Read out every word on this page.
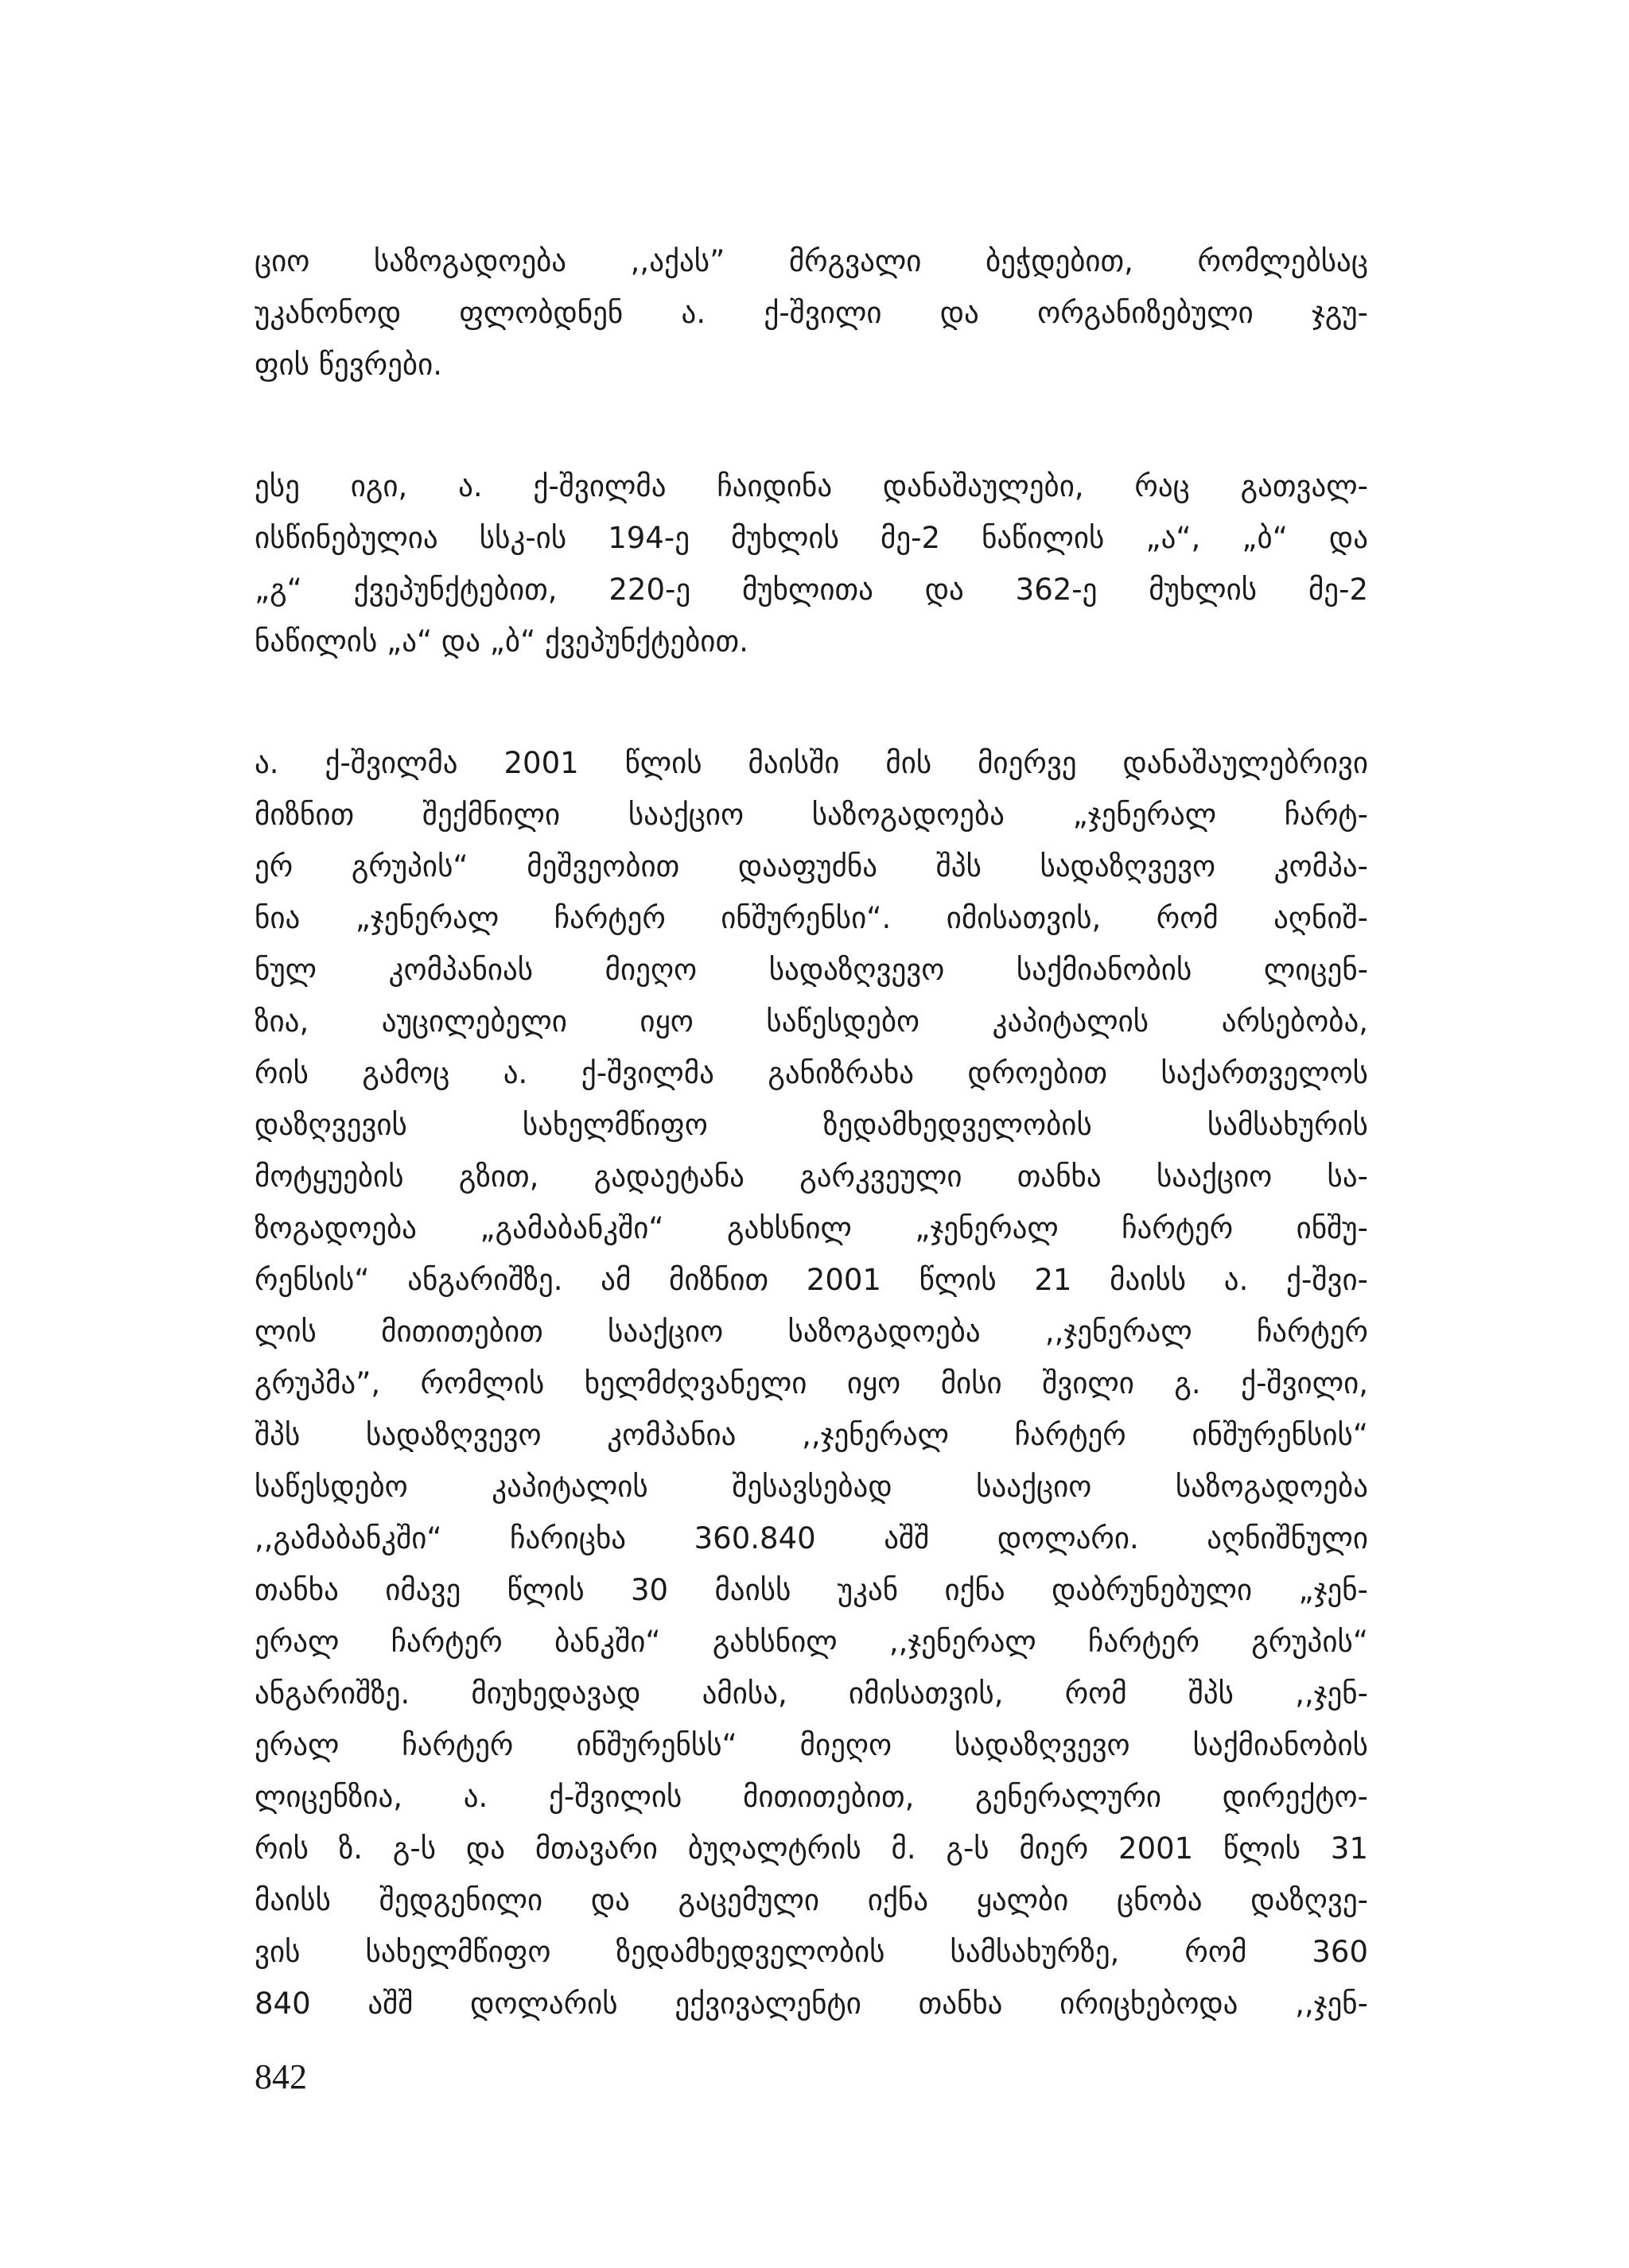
ციო საზოგადოება ,,აქას” მრგვალი ბეჭდებით, რომლებსაც
უკანონოდ ფლობდნენ ა. ქ-შვილი და ორგანიზებული ჯგუ-
ფის წევრები.

ესე იგი, ა. ქ-შვილმა ჩაიდინა დანაშაულები, რაც გათვალ-
ისწინებულია სსკ-ის 194-ე მუხლის მე-2 ნაწილის „ა“, „ბ“ და
„გ“ ქვეპუნქტებით, 220-ე მუხლითა და 362-ე მუხლის მე-2
ნაწილის „ა“ და „ბ“ ქვეპუნქტებით.

ა. ქ-შვილმა 2001 წლის მაისში მის მიერვე დანაშაულებრივი
მიზნით შექმნილი სააქციო საზოგადოება „ჯენერალ ჩარტ-
ერ გრუპის“ მეშვეობით დააფუძნა შპს სადაზღვევო კომპა-
ნია „ჯენერალ ჩარტერ ინშურენსი“. იმისათვის, რომ აღნიშ-
ნულ კომპანიას მიეღო სადაზღვევო საქმიანობის ლიცენ-
ზია, აუცილებელი იყო საწესდებო კაპიტალის არსებობა,
რის გამოც ა. ქ-შვილმა განიზრახა დროებით საქართველოს
დაზღვევის სახელმწიფო ზედამხედველობის სამსახურის
მოტყუების გზით, გადაეტანა გარკვეული თანხა სააქციო სა-
ზოგადოება „გამაბანკში“ გახსნილ „ჯენერალ ჩარტერ ინშუ-
რენსის“ ანგარიშზე. ამ მიზნით 2001 წლის 21 მაისს ა. ქ-შვი-
ლის მითითებით სააქციო საზოგადოება ,,ჯენერალ ჩარტერ
გრუპმა”, რომლის ხელმძღვანელი იყო მისი შვილი გ. ქ-შვილი,
შპს სადაზღვევო კომპანია ,,ჯენერალ ჩარტერ ინშურენსის“
საწესდებო კაპიტალის შესავსებად სააქციო საზოგადოება
,,გამაბანკში“ ჩარიცხა 360.840 აშშ დოლარი. აღნიშნული
თანხა იმავე წლის 30 მაისს უკან იქნა დაბრუნებული „ჯენ-
ერალ ჩარტერ ბანკში“ გახსნილ ,,ჯენერალ ჩარტერ გრუპის“
ანგარიშზე. მიუხედავად ამისა, იმისათვის, რომ შპს ,,ჯენ-
ერალ ჩარტერ ინშურენსს“ მიეღო სადაზღვევო საქმიანობის
ლიცენზია, ა. ქ-შვილის მითითებით, გენერალური დირექტო-
რის ზ. გ-ს და მთავარი ბუღალტრის მ. გ-ს მიერ 2001 წლის 31
მაისს შედგენილი და გაცემული იქნა ყალბი ცნობა დაზღვე-
ვის სახელმწიფო ზედამხედველობის სამსახურზე, რომ 360
840 აშშ დოლარის ექვივალენტი თანხა ირიცხებოდა ,,ჯენ-

842
